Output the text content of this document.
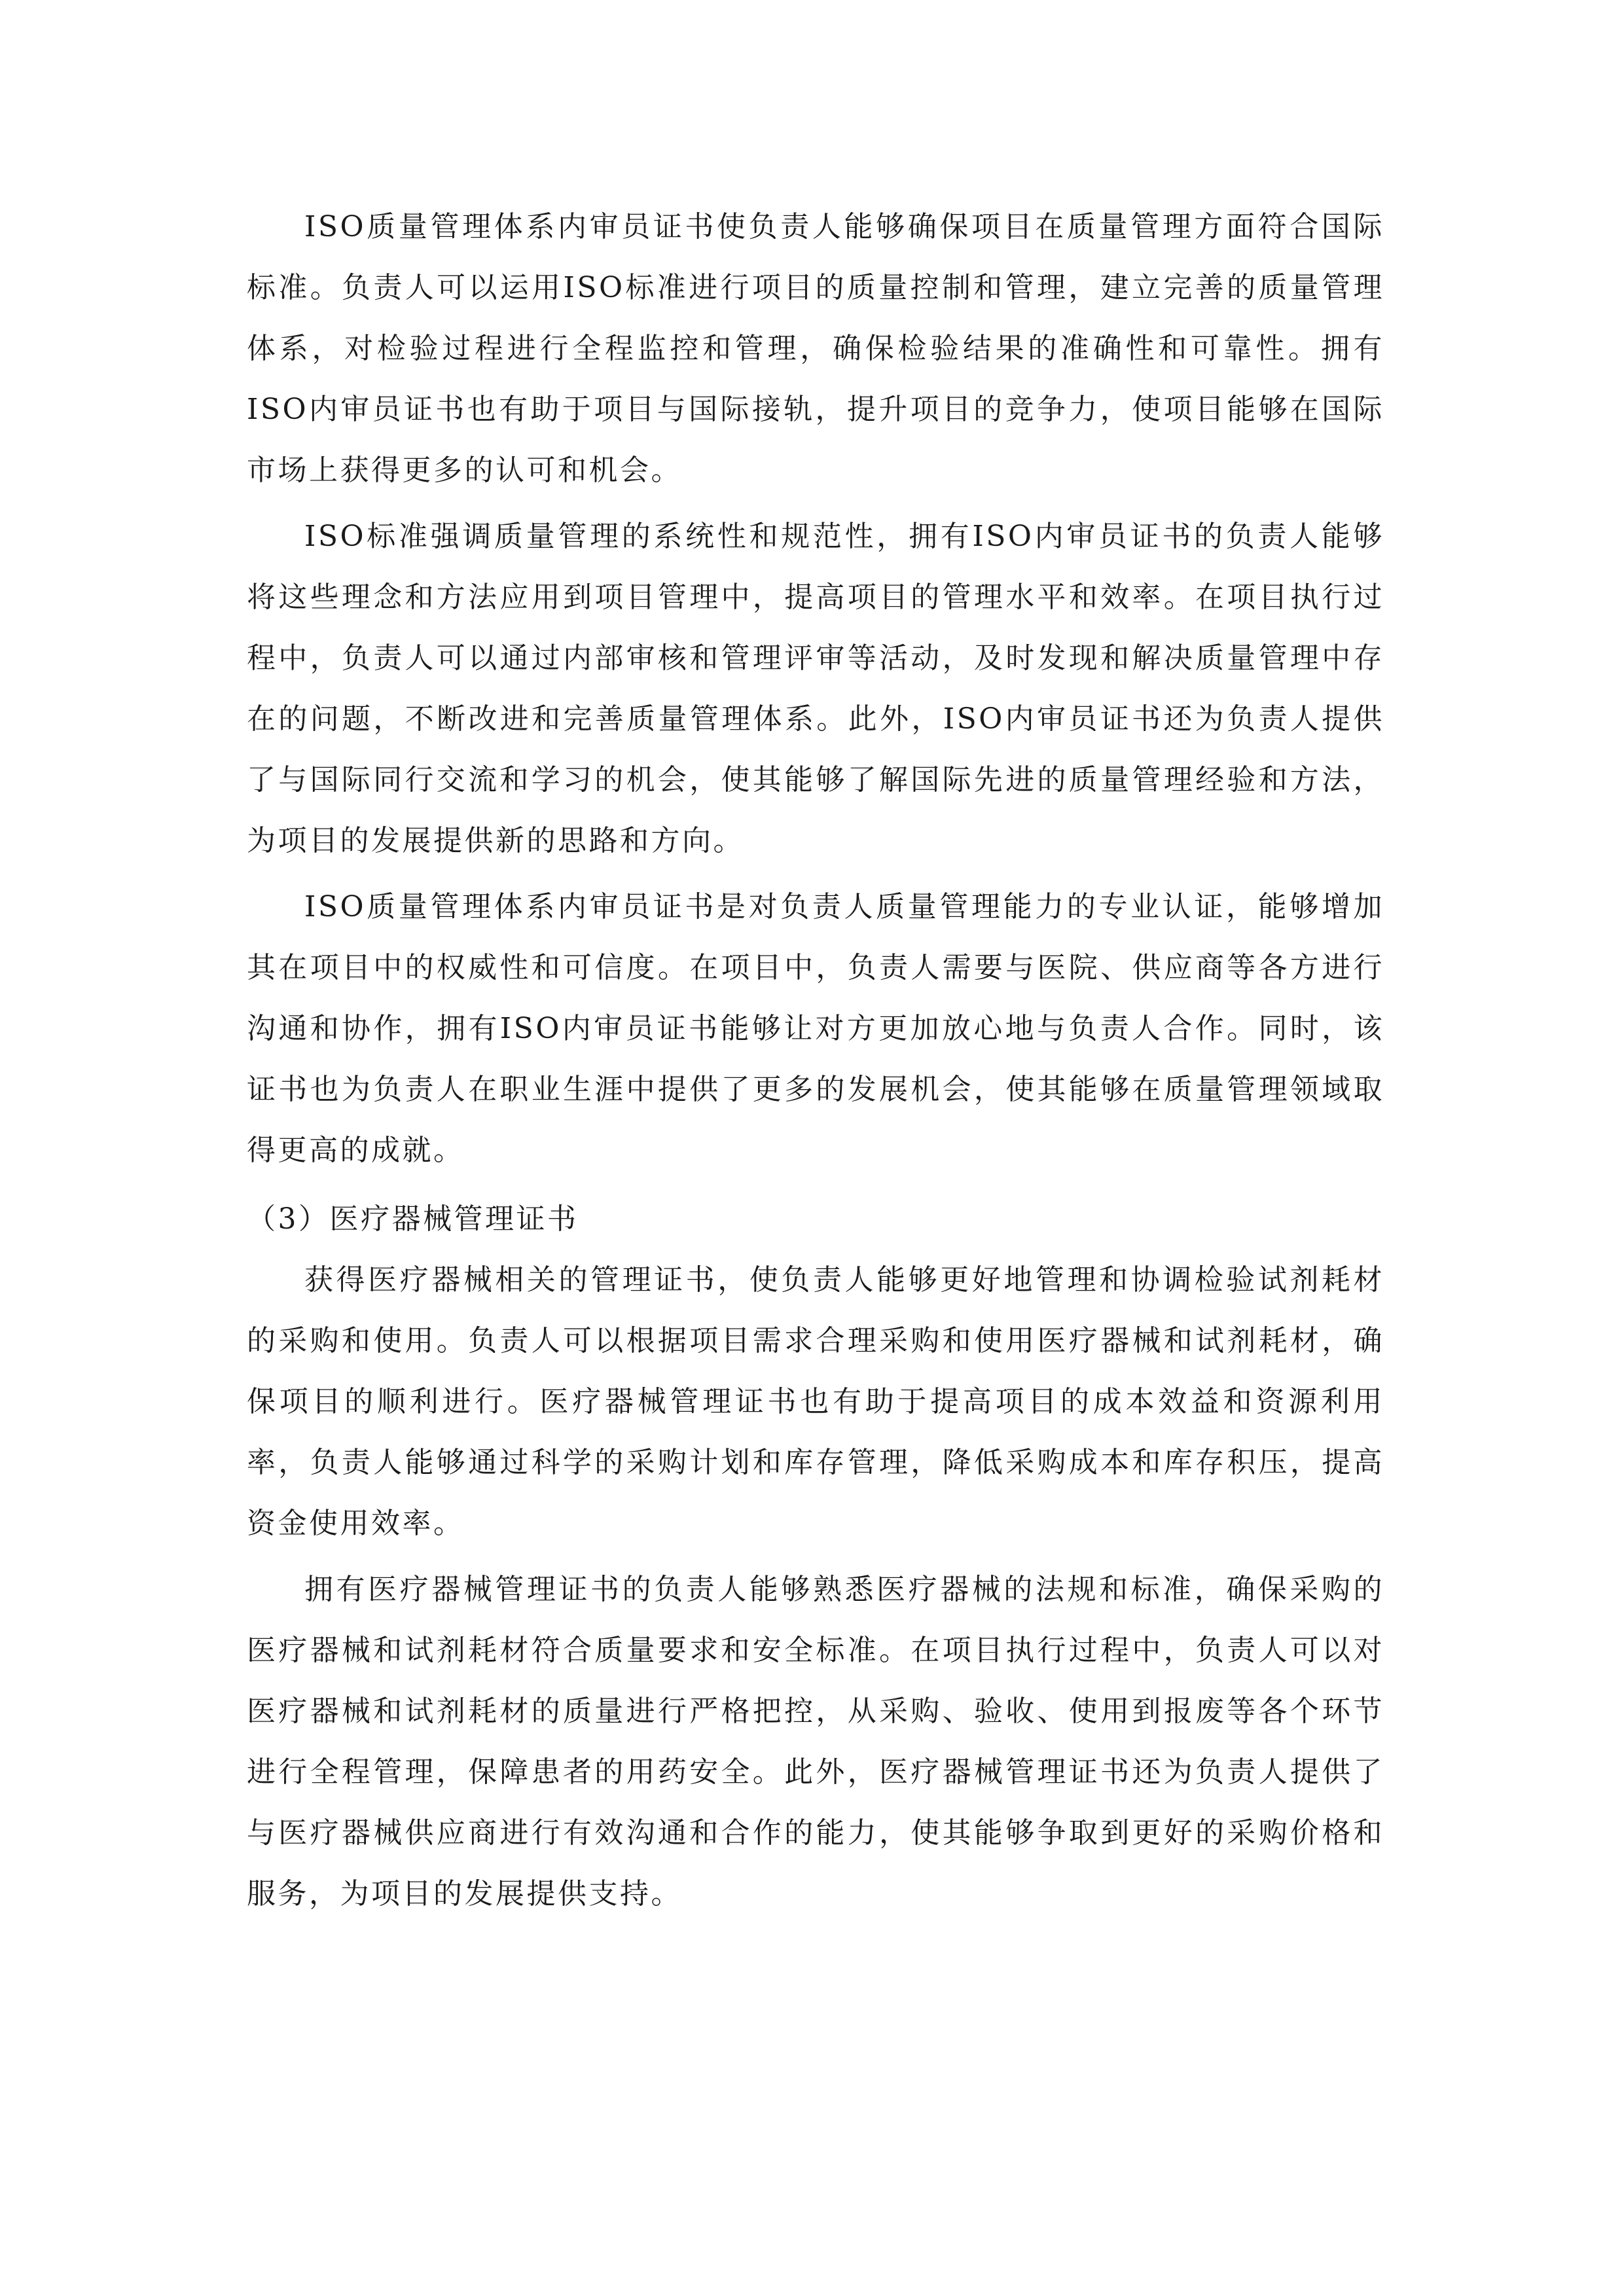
ISO质量管理体系内审员证书使负责人能够确保项目在质量管理方面符合国际标准。负责人可以运用ISO标准进行项目的质量控制和管理，建立完善的质量管理体系，对检验过程进行全程监控和管理，确保检验结果的准确性和可靠性。拥有ISO内审员证书也有助于项目与国际接轨，提升项目的竞争力，使项目能够在国际市场上获得更多的认可和机会。

ISO标准强调质量管理的系统性和规范性，拥有ISO内审员证书的负责人能够将这些理念和方法应用到项目管理中，提高项目的管理水平和效率。在项目执行过程中，负责人可以通过内部审核和管理评审等活动，及时发现和解决质量管理中存在的问题，不断改进和完善质量管理体系。此外，ISO内审员证书还为负责人提供了与国际同行交流和学习的机会，使其能够了解国际先进的质量管理经验和方法，为项目的发展提供新的思路和方向。

ISO质量管理体系内审员证书是对负责人质量管理能力的专业认证，能够增加其在项目中的权威性和可信度。在项目中，负责人需要与医院、供应商等各方进行沟通和协作，拥有ISO内审员证书能够让对方更加放心地与负责人合作。同时，该证书也为负责人在职业生涯中提供了更多的发展机会，使其能够在质量管理领域取得更高的成就。

（3）医疗器械管理证书

获得医疗器械相关的管理证书，使负责人能够更好地管理和协调检验试剂耗材的采购和使用。负责人可以根据项目需求合理采购和使用医疗器械和试剂耗材，确保项目的顺利进行。医疗器械管理证书也有助于提高项目的成本效益和资源利用率，负责人能够通过科学的采购计划和库存管理，降低采购成本和库存积压，提高资金使用效率。

拥有医疗器械管理证书的负责人能够熟悉医疗器械的法规和标准，确保采购的医疗器械和试剂耗材符合质量要求和安全标准。在项目执行过程中，负责人可以对医疗器械和试剂耗材的质量进行严格把控，从采购、验收、使用到报废等各个环节进行全程管理，保障患者的用药安全。此外，医疗器械管理证书还为负责人提供了与医疗器械供应商进行有效沟通和合作的能力，使其能够争取到更好的采购价格和服务，为项目的发展提供支持。
